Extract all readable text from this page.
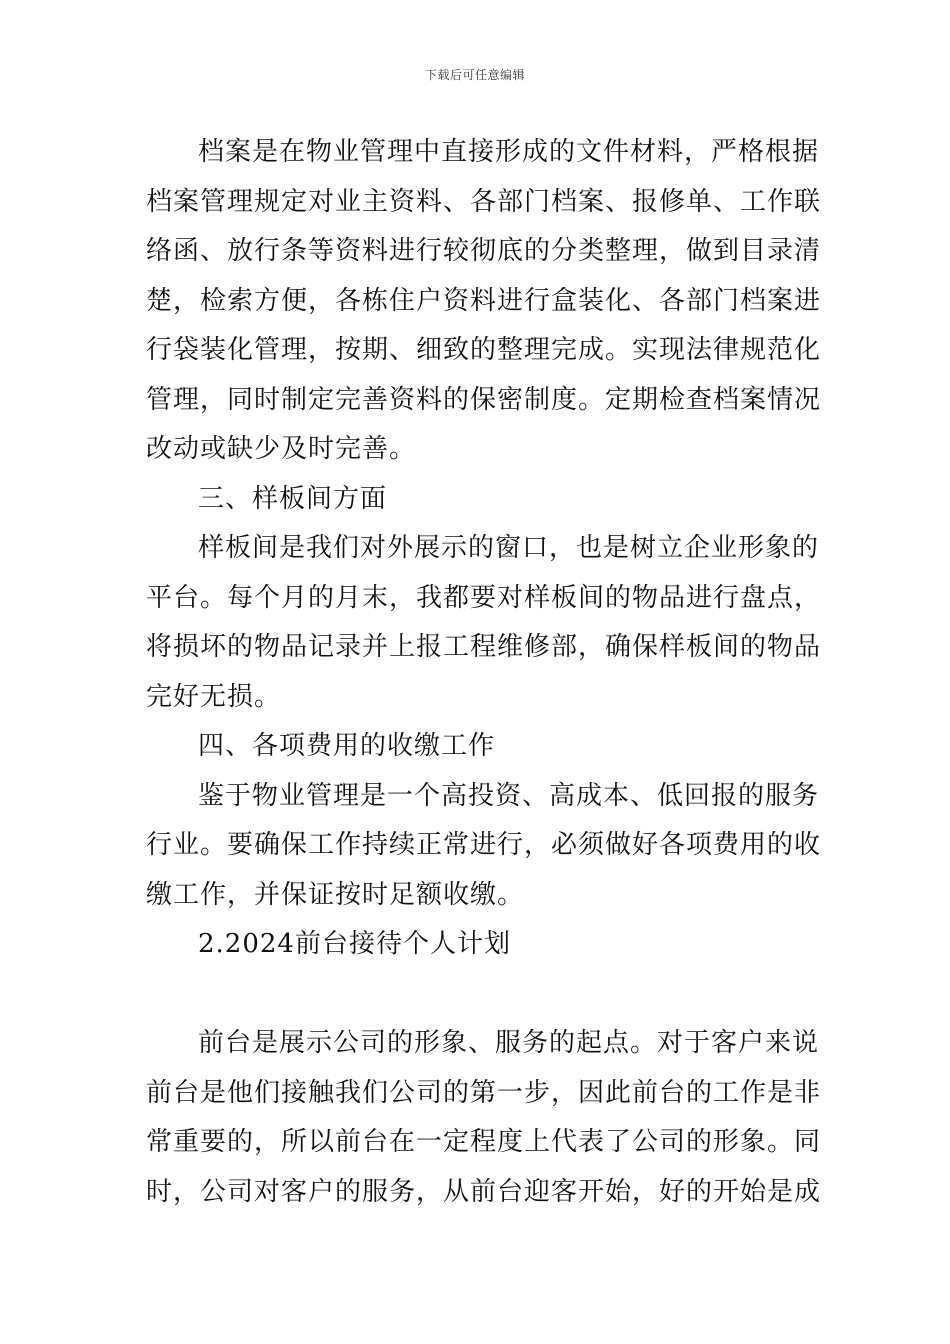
下载后可任意编辑
档案是在物业管理中直接形成的文件材料，严格根据
档案管理规定对业主资料、各部门档案、报修单、工作联
络函、放行条等资料进行较彻底的分类整理，做到目录清
楚，检索方便，各栋住户资料进行盒装化、各部门档案进
行袋装化管理，按期、细致的整理完成。实现法律规范化
管理，同时制定完善资料的保密制度。定期检查档案情况
改动或缺少及时完善。
三、样板间方面
样板间是我们对外展示的窗口，也是树立企业形象的
平台。每个月的月末，我都要对样板间的物品进行盘点，
将损坏的物品记录并上报工程维修部，确保样板间的物品
完好无损。
四、各项费用的收缴工作
鉴于物业管理是一个高投资、高成本、低回报的服务
行业。要确保工作持续正常进行，必须做好各项费用的收
缴工作，并保证按时足额收缴。
2.2024前台接待个人计划
前台是展示公司的形象、服务的起点。对于客户来说
前台是他们接触我们公司的第一步，因此前台的工作是非
常重要的，所以前台在一定程度上代表了公司的形象。同
时，公司对客户的服务，从前台迎客开始，好的开始是成
